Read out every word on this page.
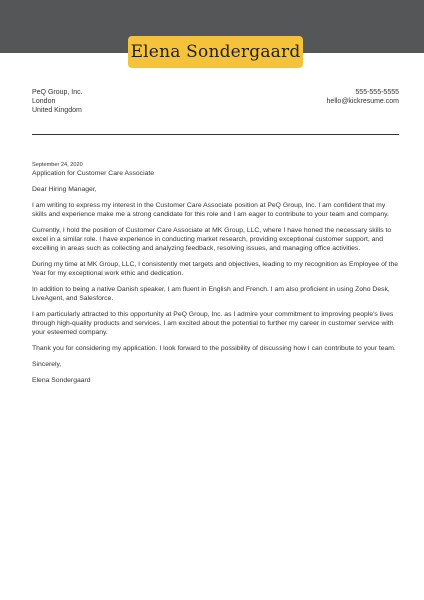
Elena Sondergaard
PeQ Group, Inc.
London
United Kingdom
555-555-5555
hello@kickresume.com
September 24, 2020
Application for Customer Care Associate

Dear Hiring Manager,

I am writing to express my interest in the Customer Care Associate position at PeQ Group, Inc. I am confident that my skills and experience make me a strong candidate for this role and I am eager to contribute to your team and company.

Currently, I hold the position of Customer Care Associate at MK Group, LLC, where I have honed the necessary skills to excel in a similar role. I have experience in conducting market research, providing exceptional customer support, and excelling in areas such as collecting and analyzing feedback, resolving issues, and managing office activities.

During my time at MK Group, LLC, I consistently met targets and objectives, leading to my recognition as Employee of the Year for my exceptional work ethic and dedication.

In addition to being a native Danish speaker, I am fluent in English and French. I am also proficient in using Zoho Desk, LiveAgent, and Salesforce.

I am particularly attracted to this opportunity at PeQ Group, Inc. as I admire your commitment to improving people's lives through high-quality products and services. I am excited about the potential to further my career in customer service with your esteemed company.

Thank you for considering my application. I look forward to the possibility of discussing how I can contribute to your team.

Sincerely,

Elena Sondergaard
